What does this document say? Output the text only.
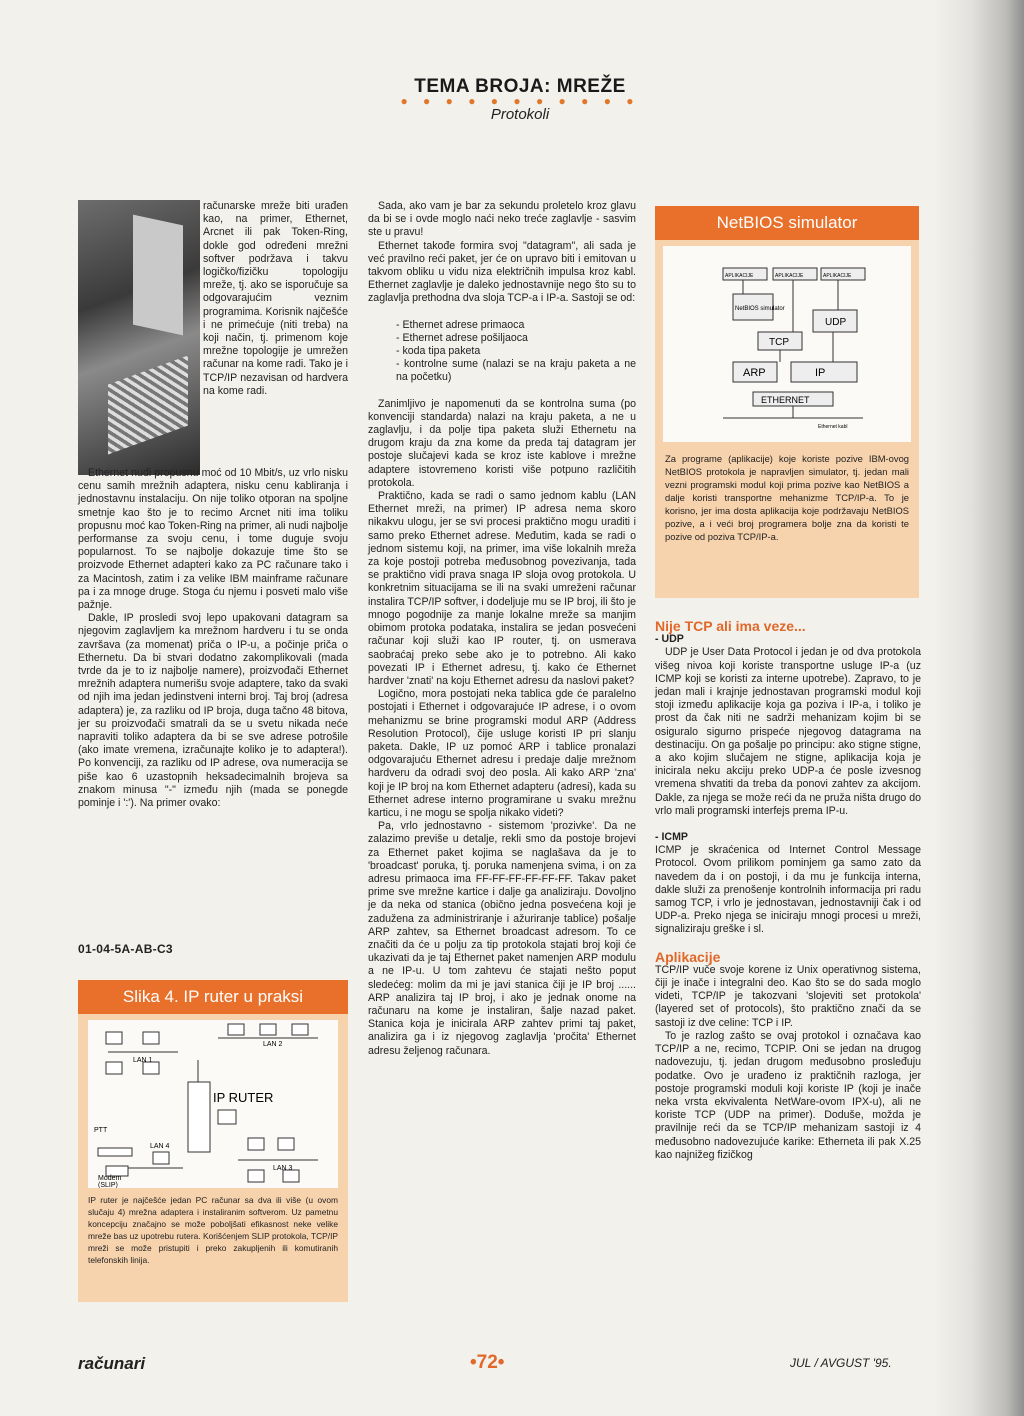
TEMA BROJA: MREŽE
● ● ● ● ● ● ● ● ● ● ●
Protokoli

računarske mreže biti urađen kao, na primer, Ethernet, Arcnet ili pak Token-Ring, dokle god određeni mrežni softver podržava i takvu logičko/fizičku topologiju mreže, tj. ako se isporučuje sa odgovarajućim veznim programima. Korisnik najčešće i ne primećuje (niti treba) na koji način, tj. primenom koje mrežne topologije je umrežen računar na kome radi. Tako je i TCP/IP nezavisan od hardvera na kome radi.

Ethernet nudi propusnu moć od 10 Mbit/s, uz vrlo nisku cenu samih mrežnih adaptera, nisku cenu kabliranja i jednostavnu instalaciju. On nije toliko otporan na spoljne smetnje kao što je to recimo Arcnet niti ima toliku propusnu moć kao Token-Ring na primer, ali nudi najbolje performanse za svoju cenu, i tome duguje svoju popularnost. To se najbolje dokazuje time što se proizvode Ethernet adapteri kako za PC računare tako i za Macintosh, zatim i za velike IBM mainframe računare pa i za mnoge druge. Stoga ću njemu i posveti malo više pažnje.

Dakle, IP prosledi svoj lepo upakovani datagram sa njegovim zaglavljem ka mrežnom hardveru i tu se onda završava (za momenat) priča o IP-u, a počinje priča o Ethernetu. Da bi stvari dodatno zakomplikovali (mada tvrde da je to iz najbolje namere), proizvođači Ethernet mrežnih adaptera numerišu svoje adaptere, tako da svaki od njih ima jedan jedinstveni interni broj. Taj broj (adresa adaptera) je, za razliku od IP broja, duga tačno 48 bitova, jer su proizvođači smatrali da se u svetu nikada neće napraviti toliko adaptera da bi se sve adrese potrošile (ako imate vremena, izračunajte koliko je to adaptera!). Po konvenciji, za razliku od IP adrese, ova numeracija se piše kao 6 uzastopnih heksadecimalnih brojeva sa znakom minusa "-" između njih (mada se ponegde pominje i ':'). Na primer ovako:

01-04-5A-AB-C3
Slika 4. IP ruter u praksi
LAN 1
LAN 2
LAN 3
LAN 4
IP RUTER
PTT
Modem
(SLIP)
IP ruter je najčešće jedan PC računar sa dva ili više (u ovom slučaju 4) mrežna adaptera i instaliranim softverom. Uz pametnu koncepciju značajno se može poboljšati efikasnost neke velike mreže bas uz upotrebu rutera. Korišćenjem SLIP protokola, TCP/IP mreži se može pristupiti i preko zakupljenih ili komutiranih telefonskih linija.

Sada, ako vam je bar za sekundu proletelo kroz glavu da bi se i ovde moglo naći neko treće zaglavlje - sasvim ste u pravu!

Ethernet takođe formira svoj "datagram", ali sada je već pravilno reći paket, jer će on upravo biti i emitovan u takvom obliku u vidu niza električnih impulsa kroz kabl. Ethernet zaglavlje je daleko jednostavnije nego što su to zaglavlja prethodna dva sloja TCP-a i IP-a. Sastoji se od:

- Ethernet adrese primaoca

- Ethernet adrese pošiljaoca

- koda tipa paketa

- kontrolne sume (nalazi se na kraju paketa a ne na početku)

Zanimljivo je napomenuti da se kontrolna suma (po konvenciji standarda) nalazi na kraju paketa, a ne u zaglavlju, i da polje tipa paketa služi Ethernetu na drugom kraju da zna kome da preda taj datagram jer postoje slučajevi kada se kroz iste kablove i mrežne adaptere istovremeno koristi više potpuno različitih protokola.

Praktično, kada se radi o samo jednom kablu (LAN Ethernet mreži, na primer) IP adresa nema skoro nikakvu ulogu, jer se svi procesi praktično mogu uraditi i samo preko Ethernet adrese. Međutim, kada se radi o jednom sistemu koji, na primer, ima više lokalnih mreža za koje postoji potreba međusobnog povezivanja, tada se praktično vidi prava snaga IP sloja ovog protokola. U konkretnim situacijama se ili na svaki umreženi računar instalira TCP/IP softver, i dodeljuje mu se IP broj, ili što je mnogo pogodnije za manje lokalne mreže sa manjim obimom protoka podataka, instalira se jedan posvećeni računar koji služi kao IP router, tj. on usmerava saobraćaj preko sebe ako je to potrebno. Ali kako povezati IP i Ethernet adresu, tj. kako će Ethernet hardver 'znati' na koju Ethernet adresu da naslovi paket?

Logično, mora postojati neka tablica gde će paralelno postojati i Ethernet i odgovarajuće IP adrese, i o ovom mehanizmu se brine programski modul ARP (Address Resolution Protocol), čije usluge koristi IP pri slanju paketa. Dakle, IP uz pomoć ARP i tablice pronalazi odgovarajuću Ethernet adresu i predaje dalje mrežnom hardveru da odradi svoj deo posla. Ali kako ARP 'zna' koji je IP broj na kom Ethernet adapteru (adresi), kada su Ethernet adrese interno programirane u svaku mrežnu karticu, i ne mogu se spolja nikako videti?

Pa, vrlo jednostavno - sistemom 'prozivke'. Da ne zalazimo previše u detalje, rekli smo da postoje brojevi za Ethernet paket kojima se naglašava da je to 'broadcast' poruka, tj. poruka namenjena svima, i on za adresu primaoca ima FF-FF-FF-FF-FF-FF. Takav paket prime sve mrežne kartice i dalje ga analiziraju. Dovoljno je da neka od stanica (obično jedna posvećena koji je zadužena za administriranje i ažuriranje tablice) pošalje ARP zahtev, sa Ethernet broadcast adresom. To ce značiti da će u polju za tip protokola stajati broj koji će ukazivati da je taj Ethernet paket namenjen ARP modulu a ne IP-u. U tom zahtevu će stajati nešto poput sledećeg: molim da mi je javi stanica čiji je IP broj ...... ARP analizira taj IP broj, i ako je jednak onome na računaru na kome je instaliran, šalje nazad paket. Stanica koja je inicirala ARP zahtev primi taj paket, analizira ga i iz njegovog zaglavlja 'pročita' Ethernet adresu željenog računara.

NetBIOS simulator
APLIKACIJE	APLIKACIJE	APLIKACIJE
NetBIOS simulator
UDP
TCP
ARP	IP
ETHERNET
Ethernet kabl
Za programe (aplikacije) koje koriste pozive IBM-ovog NetBIOS protokola je napravljen simulator, tj. jedan mali vezni programski modul koji prima pozive kao NetBIOS a dalje koristi transportne mehanizme TCP/IP-a. To je korisno, jer ima dosta aplikacija koje podržavaju NetBIOS pozive, a i veći broj programera bolje zna da koristi te pozive od poziva TCP/IP-a.
Nije TCP ali ima veze...

- UDP

UDP je User Data Protocol i jedan je od dva protokola višeg nivoa koji koriste transportne usluge IP-a (uz ICMP koji se koristi za interne upotrebe). Zapravo, to je jedan mali i krajnje jednostavan programski modul koji stoji između aplikacije koja ga poziva i IP-a, i toliko je prost da čak niti ne sadrži mehanizam kojim bi se osiguralo sigurno prispeće njegovog datagrama na destinaciju. On gа pošalje po principu: ako stigne stigne, a ako kojim slučajem ne stigne, aplikacija koja je inicirala neku akciju preko UDP-a će posle izvesnog vremena shvatiti da treba da ponovi zahtev za akcijom. Dakle, za njega se može reći da ne pruža ništa drugo do vrlo mali programski interfejs prema IP-u.

- ICMP

ICMP je skraćenica od Internet Control Message Protocol. Ovom prilikom pominjem ga samo zato da navedem da i on postoji, i da mu je funkcija interna, dakle služi za prenošenje kontrolnih informacija pri radu samog TCP, i vrlo je jednostavan, jednostavniji čak i od UDP-a. Preko njega se iniciraju mnogi procesi u mreži, signaliziraju greške i sl.

Aplikacije

TCP/IP vuče svoje korene iz Unix operativnog sistema, čiji je inače i integralni deo. Kao što se do sada moglo videti, TCP/IP je takozvani 'slojeviti set protokola' (layered set of protocols), što praktično znači da se sastoji iz dve celine: TCP i IP.

To je razlog zašto se ovaj protokol i označava kao TCP/IP a ne, recimo, TCPIP. Oni se jedan na drugog nadovezuju, tj. jedan drugom međusobno prosleđuju podatke. Ovo je urađeno iz praktičnih razloga, jer postoje programski moduli koji koriste IP (koji je inače neka vrsta ekvivalenta NetWare-ovom IPX-u), ali ne koriste TCP (UDP na primer). Dodušе, možda je pravilnije reći da se TCP/IP mehanizam sastoji iz 4 međusobno nadovezujuće karike: Etherneta ili pak X.25 kao najnižeg fizičkog

računari	•72•	JUL / AVGUST '95.
